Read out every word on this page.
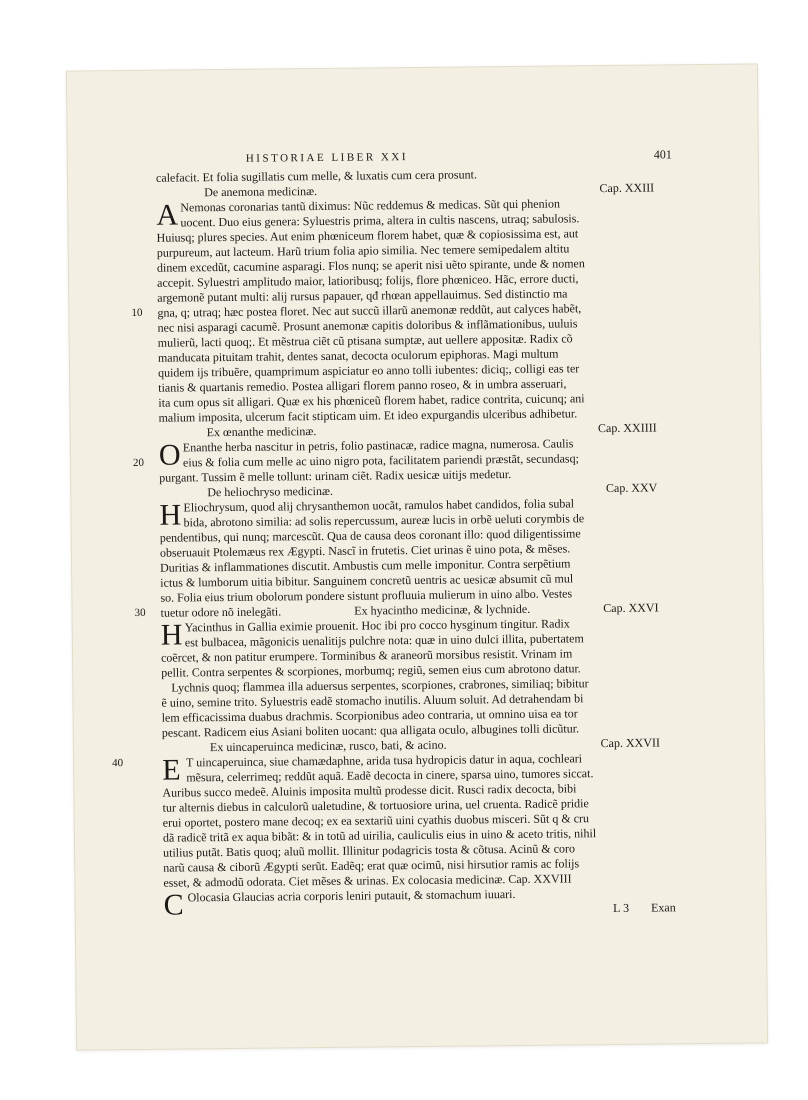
HISTORIAE LIBER XXI	401
calefacit. Et folia sugillatis cum melle, & luxatis cum cera prosunt.
De anemona medicinæ.	Cap. XXIII
A Nemonas coronarias tantũ diximus: Nũc reddemus & medicas. Sũt qui phenion
uocent. Duo eius genera: Syluestris prima, altera in cultis nascens, utraq; sabulosis.
Huiusq; plures species. Aut enim phœniceum florem habet, quæ & copiosissima est, aut
purpureum, aut lacteum. Harũ trium folia apio similia. Nec temere semipedalem altitu
dinem excedũt, cacumine asparagi. Flos nunq; se aperit nisi uẽto spirante, unde & nomen
accepit. Syluestri amplitudo maior, latioribusq; folijs, flore phœniceo. Hãc, errore ducti,
argemonẽ putant multi: alij rursus papauer, qđ rhœan appellauimus. Sed distinctio ma
10 gna, q; utraq; hæc postea floret. Nec aut succũ illarũ anemonæ reddũt, aut calyces habẽt,
nec nisi asparagi cacumẽ. Prosunt anemonæ capitis doloribus & inflãmationibus, uuluis
mulierũ, lacti quoq;. Et mẽstrua ciẽt cũ ptisana sumptæ, aut uellere appositæ. Radix cõ
manducata pituitam trahit, dentes sanat, decocta oculorum epiphoras. Magi multum
quidem ijs tribuẽre, quamprimum aspiciatur eo anno tolli iubentes: diciq;, colligi eas ter
tianis & quartanis remedio. Postea alligari florem panno roseo, & in umbra asseruari,
ita cum opus sit alligari. Quæ ex his phœniceũ florem habet, radice contrita, cuicunq; ani
malium imposita, ulcerum facit stipticam uim. Et ideo expurgandis ulceribus adhibetur.
Ex œnanthe medicinæ.	Cap. XXIIII
O Enanthe herba nascitur in petris, folio pastinacæ, radice magna, numerosa. Caulis
20	eius & folia cum melle ac uino nigro pota, facilitatem pariendi præstãt, secundasq;
purgant. Tussim ẽ melle tollunt: urinam ciẽt. Radix uesicæ uitijs medetur.
De heliochryso medicinæ.	Cap. XXV
H Eliochrysum, quod alij chrysanthemon uocãt, ramulos habet candidos, folia subal
bida, abrotono similia: ad solis repercussum, aureæ lucis in orbẽ ueluti corymbis de
pendentibus, qui nunq; marcescũt. Qua de causa deos coronant illo: quod diligentissime
obseruauit Ptolemæus rex Ægypti. Nascĩ in frutetis. Ciet urinas ẽ uino pota, & mẽses.
Duritias & inflammationes discutit. Ambustis cum melle imponitur. Contra serpẽtium
ictus & lumborum uitia bibitur. Sanguinem concretũ uentris ac uesicæ absumit cũ mul
so. Folia eius trium obolorum pondere sistunt profluuia mulierum in uino albo. Vestes
30 tuetur odore nõ inelegãti.	Ex hyacintho medicinæ, & lychnide.	Cap. XXVI
H Yacinthus in Gallia eximie prouenit. Hoc ibi pro cocco hysginum tingitur. Radix
est bulbacea, mãgonicis uenalitijs pulchre nota: quæ in uino dulci illita, pubertatem
coẽrcet, & non patitur erumpere. Torminibus & araneorũ morsibus resistit. Vrinam im
pellit. Contra serpentes & scorpiones, morbumq; regiũ, semen eius cum abrotono datur.
Lychnis quoq; flammea illa aduersus serpentes, scorpiones, crabrones, similiaq; bibitur
ẽ uino, semine trito. Syluestris eadẽ stomacho inutilis. Aluum soluit. Ad detrahendam bi
lem efficacissima duabus drachmis. Scorpionibus adeo contraria, ut omnino uisa ea tor
pescant. Radicem eius Asiani boliten uocant: qua alligata oculo, albugines tolli dicũtur.
Ex uincaperuinca medicinæ, rusco, bati, & acino.	Cap. XXVII
E
40	T uincaperuinca, siue chamædaphne, arida tusa hydropicis datur in aqua, cochleari
mẽsura, celerrimeq; reddũt aquã. Eadẽ decocta in cinere, sparsa uino, tumores siccat.
Auribus succo medeẽ. Aluinis imposita multũ prodesse dicit. Rusci radix decocta, bibi
tur alternis diebus in calculorũ ualetudine, & tortuosiore urina, uel cruenta. Radicẽ pridie
erui oportet, postero mane decoq; ex ea sextariũ uini cyathis duobus misceri. Sũt q & cru
dã radicẽ tritã ex aqua bibãt: & in totũ ad uirilia, cauliculis eius in uino & aceto tritis, nihil
utilius putãt. Batis quoq; aluũ mollit. Illinitur podagricis tosta & cõtusa. Acinũ & coro
narũ causa & ciborũ Ægypti serũt. Eadẽq; erat quæ ocimũ, nisi hirsutior ramis ac folijs
esset, & admodũ odorata. Ciet mẽses & urinas. Ex colocasia medicinæ. Cap. XXVIII
C Olocasia Glaucias acria corporis leniri putauit, & stomachum iuuari.
L 3 Exan
